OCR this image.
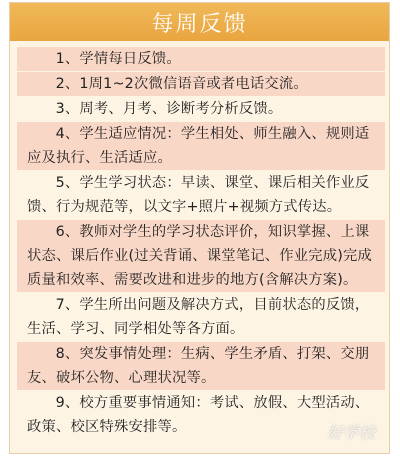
每周反馈
1、学情每日反馈。
2、1周1~2次微信语音或者电话交流。
3、周考、月考、诊断考分析反馈。
4、学生适应情况：学生相处、师生融入、规则适应及执行、生活适应。
5、学生学习状态：早读、课堂、课后相关作业反馈、行为规范等，以文字+照片+视频方式传达。
6、教师对学生的学习状态评价，知识掌握、上课状态、课后作业(过关背诵、课堂笔记、作业完成)完成质量和效率、需要改进和进步的地方(含解决方案)。
7、学生所出问题及解决方式，目前状态的反馈，生活、学习、同学相处等各方面。
8、突发事情处理：生病、学生矛盾、打架、交朋友、破坏公物、心理状况等。
9、校方重要事情通知：考试、放假、大型活动、政策、校区特殊安排等。	好学校
